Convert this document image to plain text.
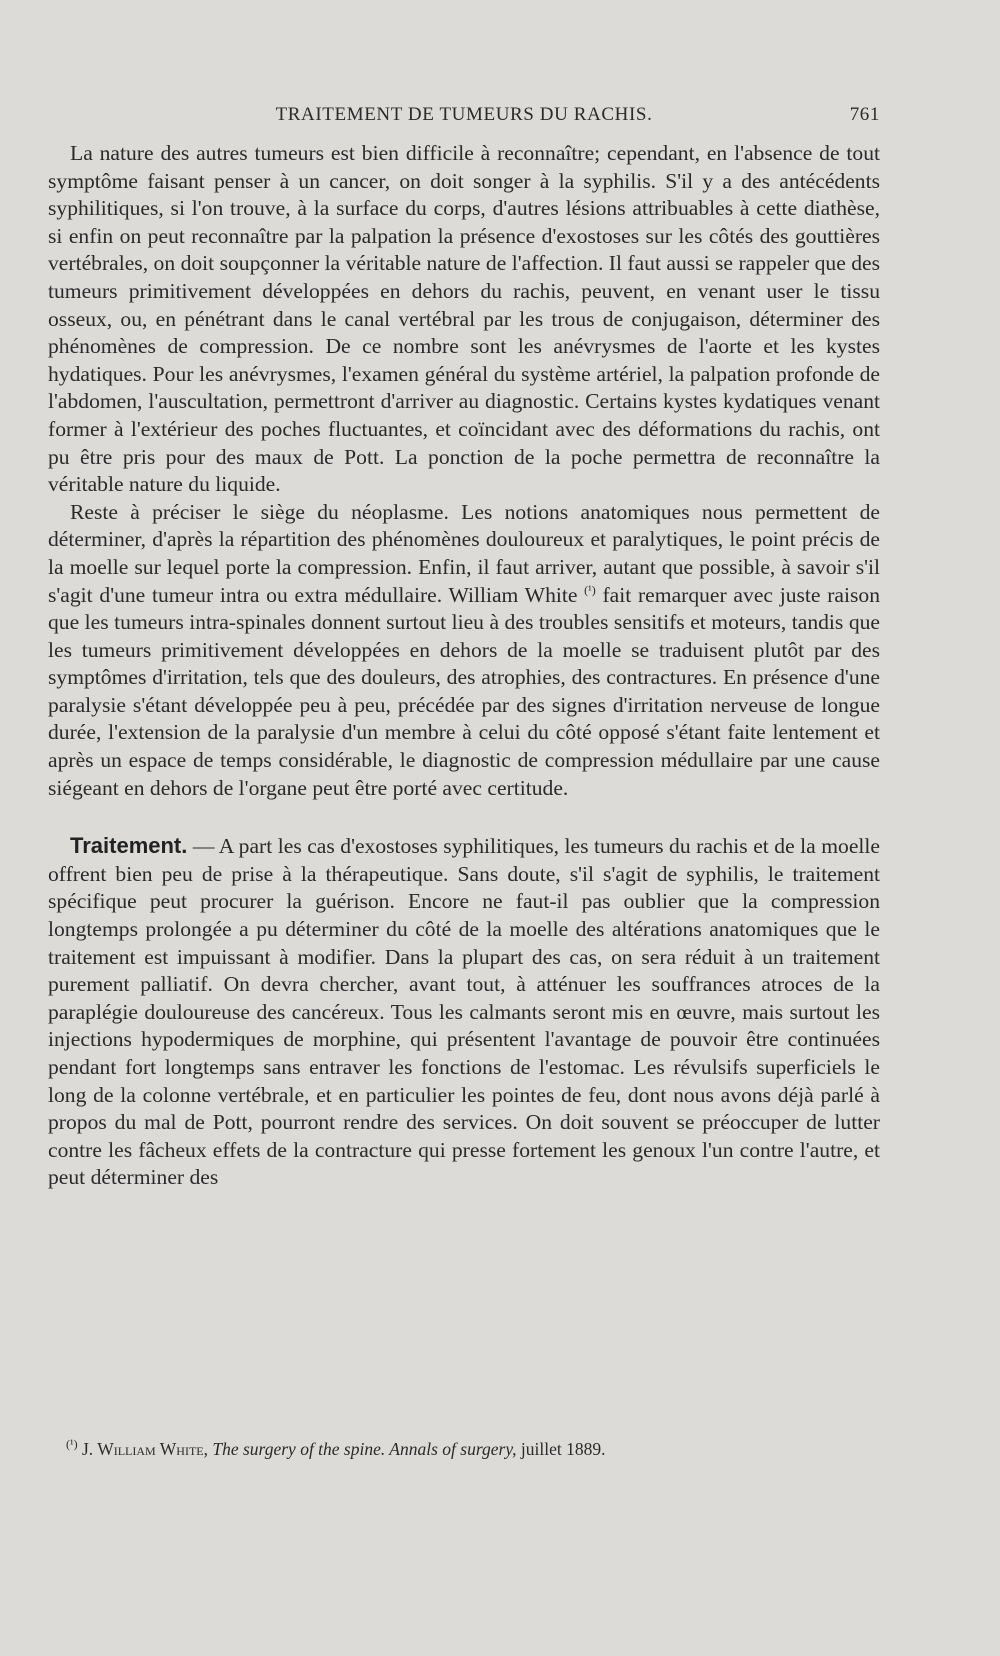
TRAITEMENT DE TUMEURS DU RACHIS.	761

La nature des autres tumeurs est bien difficile à reconnaître; cependant, en l'absence de tout symptôme faisant penser à un cancer, on doit songer à la syphilis. S'il y a des antécédents syphilitiques, si l'on trouve, à la surface du corps, d'autres lésions attribuables à cette diathèse, si enfin on peut reconnaître par la palpation la présence d'exostoses sur les côtés des gouttières vertébrales, on doit soupçonner la véritable nature de l'affection. Il faut aussi se rappeler que des tumeurs primitivement développées en dehors du rachis, peuvent, en venant user le tissu osseux, ou, en pénétrant dans le canal vertébral par les trous de conjugaison, déterminer des phénomènes de compression. De ce nombre sont les anévrysmes de l'aorte et les kystes hydatiques. Pour les anévrysmes, l'examen général du système artériel, la palpation profonde de l'abdomen, l'auscultation, permettront d'arriver au diagnostic. Certains kystes kydatiques venant former à l'extérieur des poches fluctuantes, et coïncidant avec des déformations du rachis, ont pu être pris pour des maux de Pott. La ponction de la poche permettra de reconnaître la véritable nature du liquide.

Reste à préciser le siège du néoplasme. Les notions anatomiques nous permettent de déterminer, d'après la répartition des phénomènes douloureux et paralytiques, le point précis de la moelle sur lequel porte la compression. Enfin, il faut arriver, autant que possible, à savoir s'il s'agit d'une tumeur intra ou extra médullaire. William White $^{(^1)}$ fait remarquer avec juste raison que les tumeurs intra-spinales donnent surtout lieu à des troubles sensitifs et moteurs, tandis que les tumeurs primitivement développées en dehors de la moelle se traduisent plutôt par des symptômes d'irritation, tels que des douleurs, des atrophies, des contractures. En présence d'une paralysie s'étant développée peu à peu, précédée par des signes d'irritation nerveuse de longue durée, l'extension de la paralysie d'un membre à celui du côté opposé s'étant faite lentement et après un espace de temps considérable, le diagnostic de compression médullaire par une cause siégeant en dehors de l'organe peut être porté avec certitude.

Traitement. — A part les cas d'exostoses syphilitiques, les tumeurs du rachis et de la moelle offrent bien peu de prise à la thérapeutique. Sans doute, s'il s'agit de syphilis, le traitement spécifique peut procurer la guérison. Encore ne faut-il pas oublier que la compression longtemps prolongée a pu déterminer du côté de la moelle des altérations anatomiques que le traitement est impuissant à modifier. Dans la plupart des cas, on sera réduit à un traitement purement palliatif. On devra chercher, avant tout, à atténuer les souffrances atroces de la paraplégie douloureuse des cancéreux. Tous les calmants seront mis en œuvre, mais surtout les injections hypodermiques de morphine, qui présentent l'avantage de pouvoir être continuées pendant fort longtemps sans entraver les fonctions de l'estomac. Les révulsifs superficiels le long de la colonne vertébrale, et en particulier les pointes de feu, dont nous avons déjà parlé à propos du mal de Pott, pourront rendre des services. On doit souvent se préoccuper de lutter contre les fâcheux effets de la contracture qui presse fortement les genoux l'un contre l'autre, et peut déterminer des

$^{(^1)}$ J. William White, The surgery of the spine. Annals of surgery, juillet 1889.
